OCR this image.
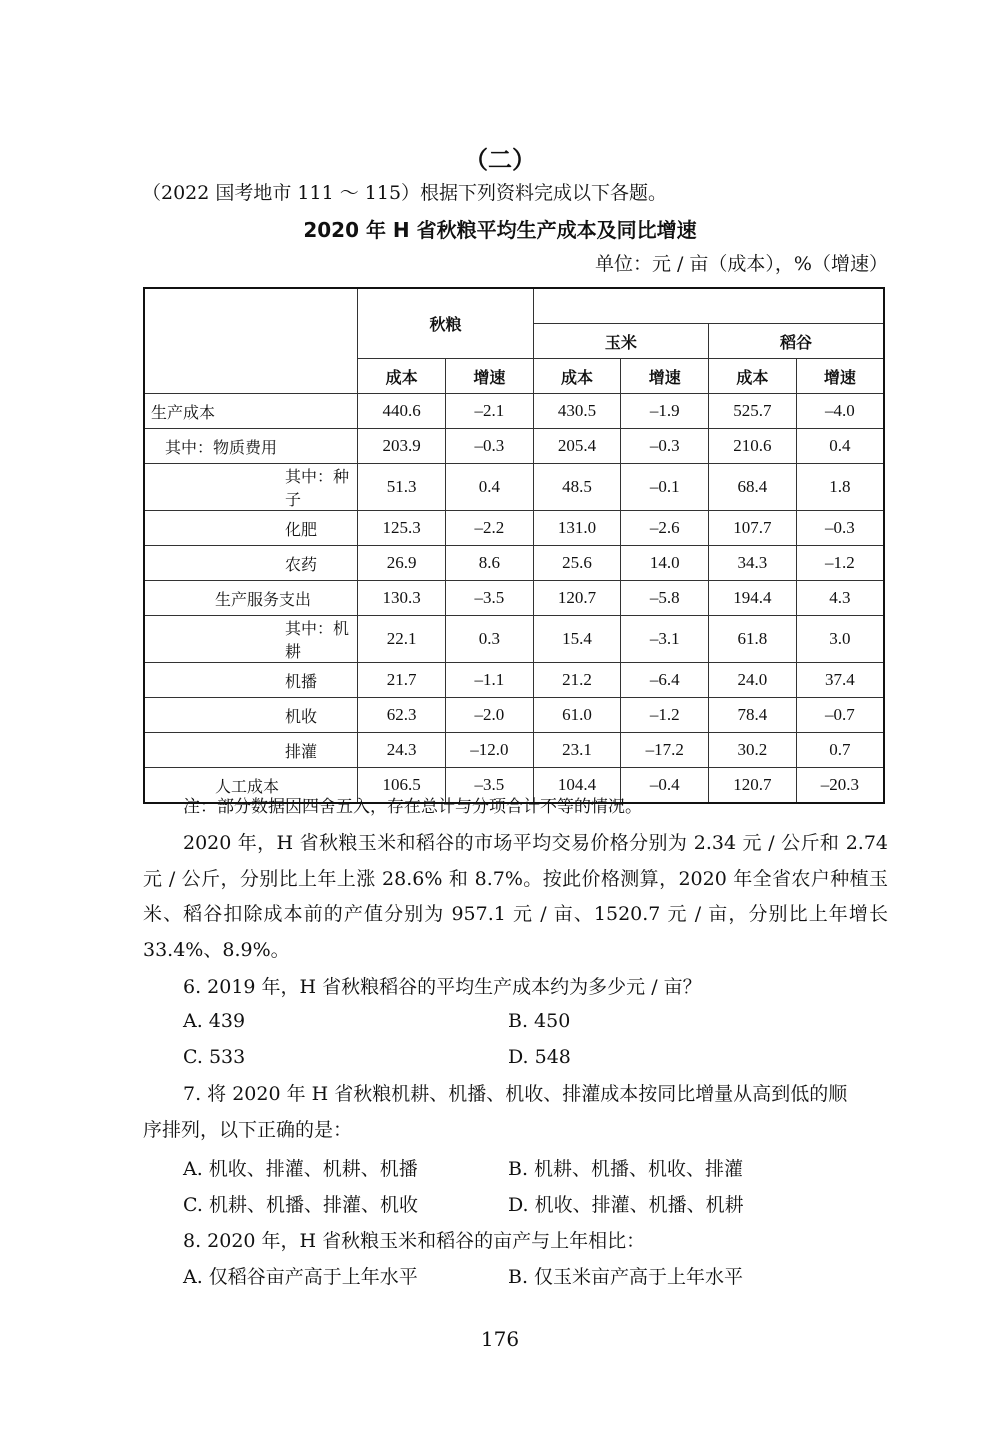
（二）
（2022 国考地市 111 ～ 115）根据下列资料完成以下各题。
2020 年 H 省秋粮平均生产成本及同比增速
单位：元 / 亩（成本），%（增速）
	秋粮					
			玉米		稻谷	
	成本	增速	成本	增速	成本	增速
生产成本	440.6	–2.1	430.5	–1.9	525.7	–4.0
其中：物质费用	203.9	–0.3	205.4	–0.3	210.6	0.4
其中：种子	51.3	0.4	48.5	–0.1	68.4	1.8
化肥	125.3	–2.2	131.0	–2.6	107.7	–0.3
农药	26.9	8.6	25.6	14.0	34.3	–1.2
生产服务支出	130.3	–3.5	120.7	–5.8	194.4	4.3
其中：机耕	22.1	0.3	15.4	–3.1	61.8	3.0
机播	21.7	–1.1	21.2	–6.4	24.0	37.4
机收	62.3	–2.0	61.0	–1.2	78.4	–0.7
排灌	24.3	–12.0	23.1	–17.2	30.2	0.7
人工成本	106.5	–3.5	104.4	–0.4	120.7	–20.3
注：部分数据因四舍五入，存在总计与分项合计不等的情况。
2020 年，H 省秋粮玉米和稻谷的市场平均交易价格分别为 2.34 元 / 公斤和 2.74 元 / 公斤，分别比上年上涨 28.6% 和 8.7%。按此价格测算，2020 年全省农户种植玉米、稻谷扣除成本前的产值分别为 957.1 元 / 亩、1520.7 元 / 亩，分别比上年增长 33.4%、8.9%。
6. 2019 年，H 省秋粮稻谷的平均生产成本约为多少元 / 亩？
A. 439	B. 450
C. 533	D. 548
7. 将 2020 年 H 省秋粮机耕、机播、机收、排灌成本按同比增量从高到低的顺序排列，以下正确的是：
A. 机收、排灌、机耕、机播	B. 机耕、机播、机收、排灌
C. 机耕、机播、排灌、机收	D. 机收、排灌、机播、机耕
8. 2020 年，H 省秋粮玉米和稻谷的亩产与上年相比：
A. 仅稻谷亩产高于上年水平	B. 仅玉米亩产高于上年水平
176
